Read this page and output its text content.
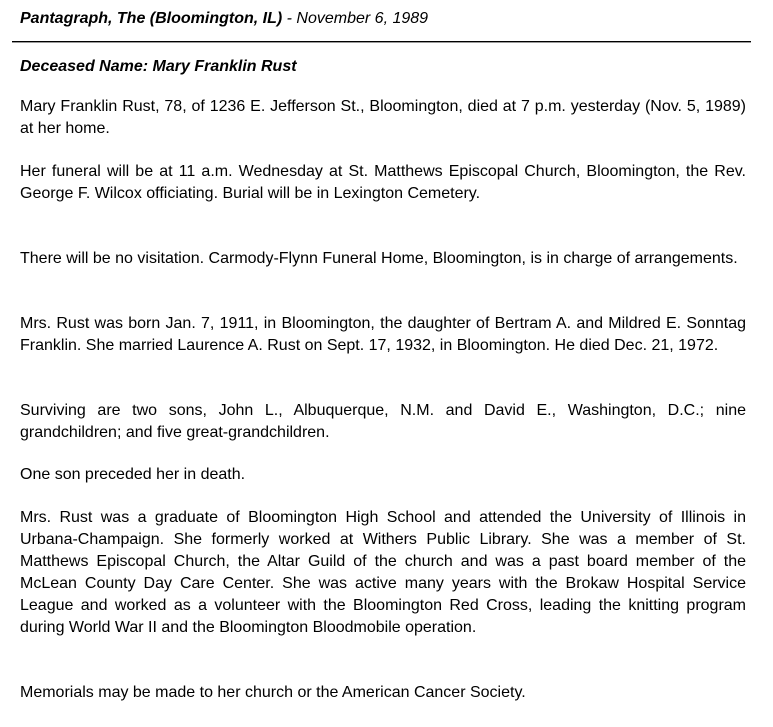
Pantagraph, The (Bloomington, IL) - November 6, 1989
Deceased Name: Mary Franklin Rust

Mary Franklin Rust, 78, of 1236 E. Jefferson St., Bloomington, died at 7 p.m. yesterday (Nov. 5, 1989) at her home.

Her funeral will be at 11 a.m. Wednesday at St. Matthews Episcopal Church, Bloomington, the Rev. George F. Wilcox officiating. Burial will be in Lexington Cemetery.

There will be no visitation. Carmody-Flynn Funeral Home, Bloomington, is in charge of arrangements.

Mrs. Rust was born Jan. 7, 1911, in Bloomington, the daughter of Bertram A. and Mildred E. Sonntag Franklin. She married Laurence A. Rust on Sept. 17, 1932, in Bloomington. He died Dec. 21, 1972.

Surviving are two sons, John L., Albuquerque, N.M. and David E., Washington, D.C.; nine grandchildren; and five great-grandchildren.

One son preceded her in death.

Mrs. Rust was a graduate of Bloomington High School and attended the University of Illinois in Urbana-Champaign. She formerly worked at Withers Public Library. She was a member of St. Matthews Episcopal Church, the Altar Guild of the church and was a past board member of the McLean County Day Care Center. She was active many years with the Brokaw Hospital Service League and worked as a volunteer with the Bloomington Red Cross, leading the knitting program during World War II and the Bloomington Bloodmobile operation.

Memorials may be made to her church or the American Cancer Society.
